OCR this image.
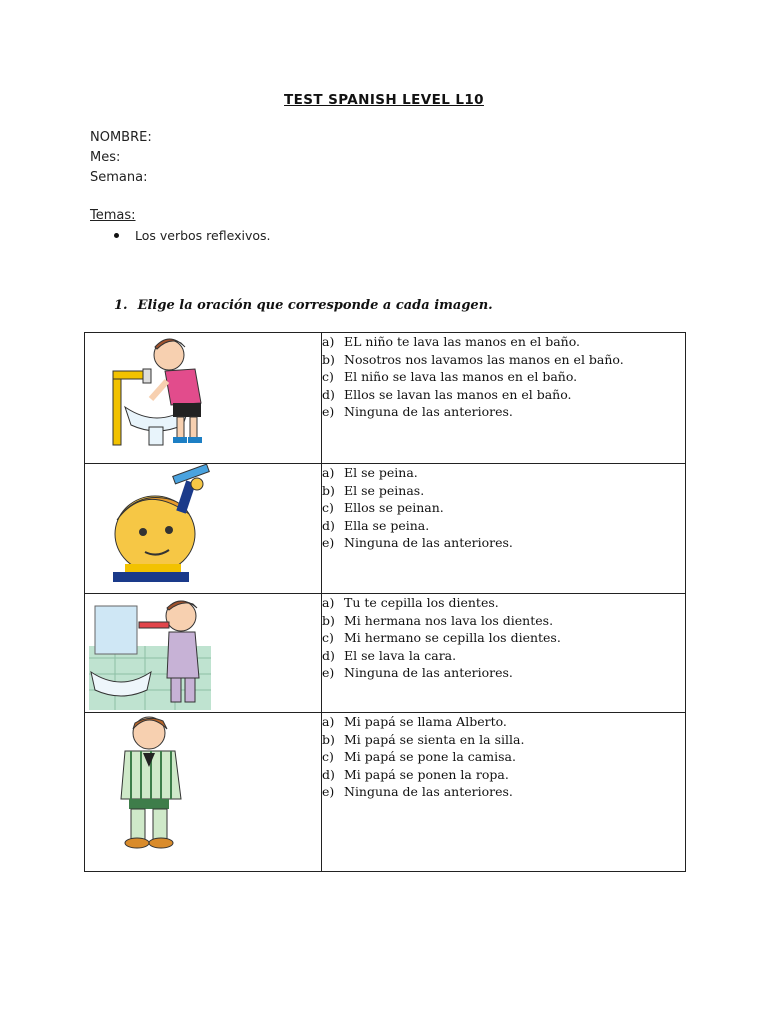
TEST SPANISH LEVEL L10
NOMBRE:
Mes:
Semana:
Temas:
Los verbos reflexivos.
1. Elige la oración que corresponde a cada imagen.

a) EL niño te lava las manos en el baño.
b) Nosotros nos lavamos las manos en el baño.
c) El niño se lava las manos en el baño.
d) Ellos se lavan las manos en el baño.
e) Ninguna de las anteriores.

a) El se peina.
b) El se peinas.
c) Ellos se peinan.
d) Ella se peina.
e) Ninguna de las anteriores.

a) Tu te cepilla los dientes.
b) Mi hermana nos lava los dientes.
c) Mi hermano se cepilla los dientes.
d) El se lava la cara.
e) Ninguna de las anteriores.

a) Mi papá se llama Alberto.
b) Mi papá se sienta en la silla.
c) Mi papá se pone la camisa.
d) Mi papá se ponen la ropa.
e) Ninguna de las anteriores.
